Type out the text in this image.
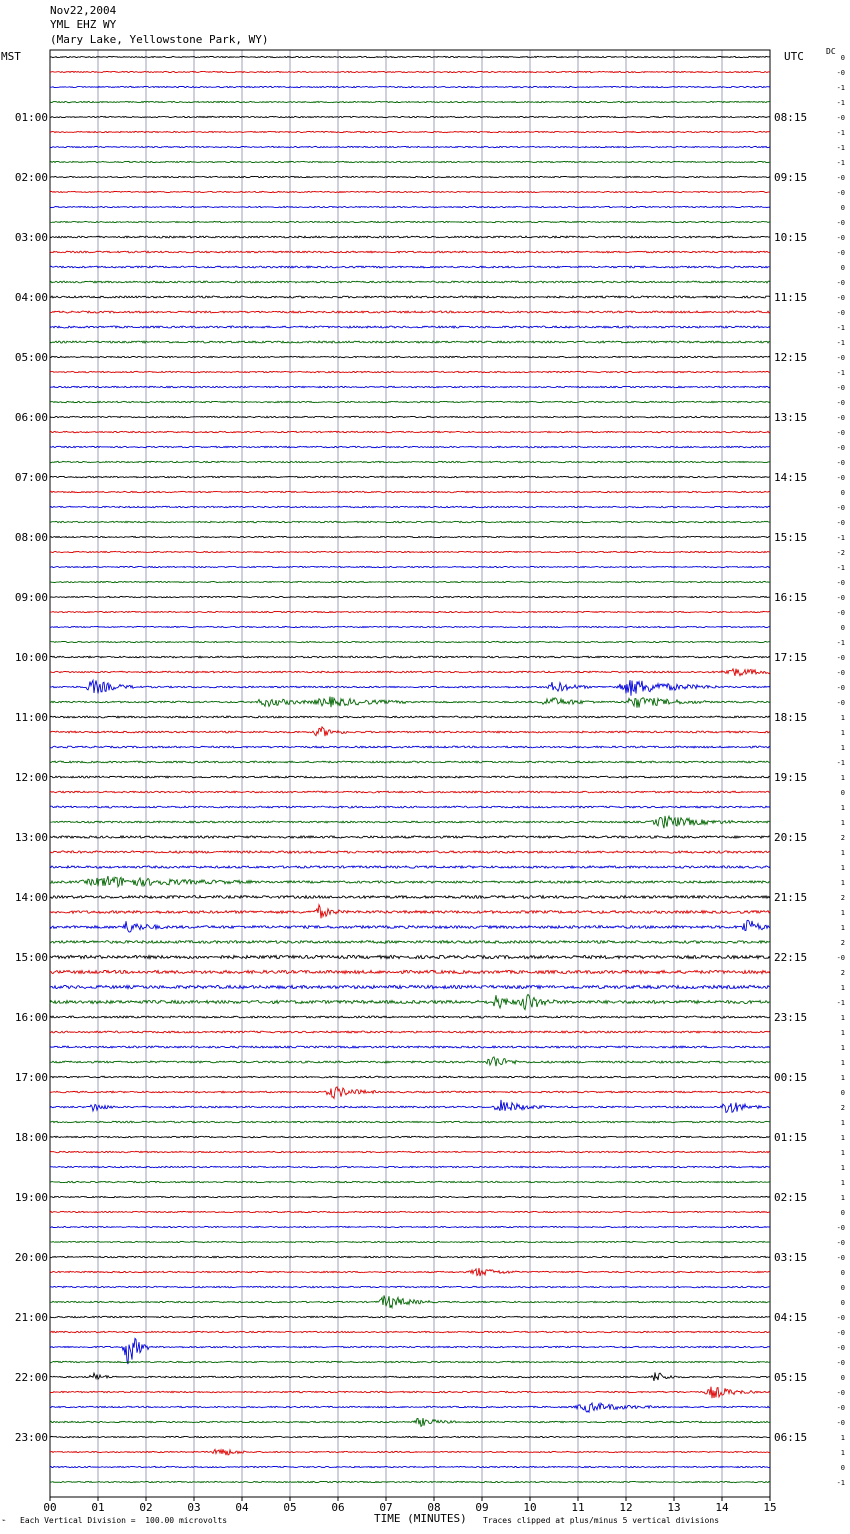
Nov22,2004
YML EHZ WY
(Mary Lake, Yellowstone Park, WY)
MST	UTC	DC
0
-0
-1
-1
-0
-1
-1
-1
-0
-0
0
-0
-0
-0
0
-0
-0
-0
-1
-1
-0
-1
-0
-0
-0
-0
-0
-0
-0
0
-0
-0
-1
-2
-1
-0
-0
-0
0
-1
-0
-0
-0
-0
1
1
1
-1
1
0
1
1
2
1
1
1
2
1
1
2
-0
2
1
-1
1
1
1
1
1
0
2
1
1
1
1
1
1
0
-0
-0
-0
0
0
0
-0
-0
-0
-0
0
-0
-0
-0
1
1
0
-1
01:00
02:00
03:00
04:00
05:00
06:00
07:00
08:00
09:00
10:00
11:00
12:00
13:00
14:00
15:00
16:00
17:00
18:00
19:00
20:00
21:00
22:00
23:00
08:15
09:15
10:15
11:15
12:15
13:15
14:15
15:15
16:15
17:15
18:15
19:15
20:15
21:15
22:15
23:15
00:15
01:15
02:15
03:15
04:15
05:15
06:15
00	01	02	03	04	05	06	07	08	09	10	11	12	13	14	15
⌁ Each Vertical Division =  100.00 microvolts	TIME (MINUTES) Traces clipped at plus/minus 5 vertical divisions
